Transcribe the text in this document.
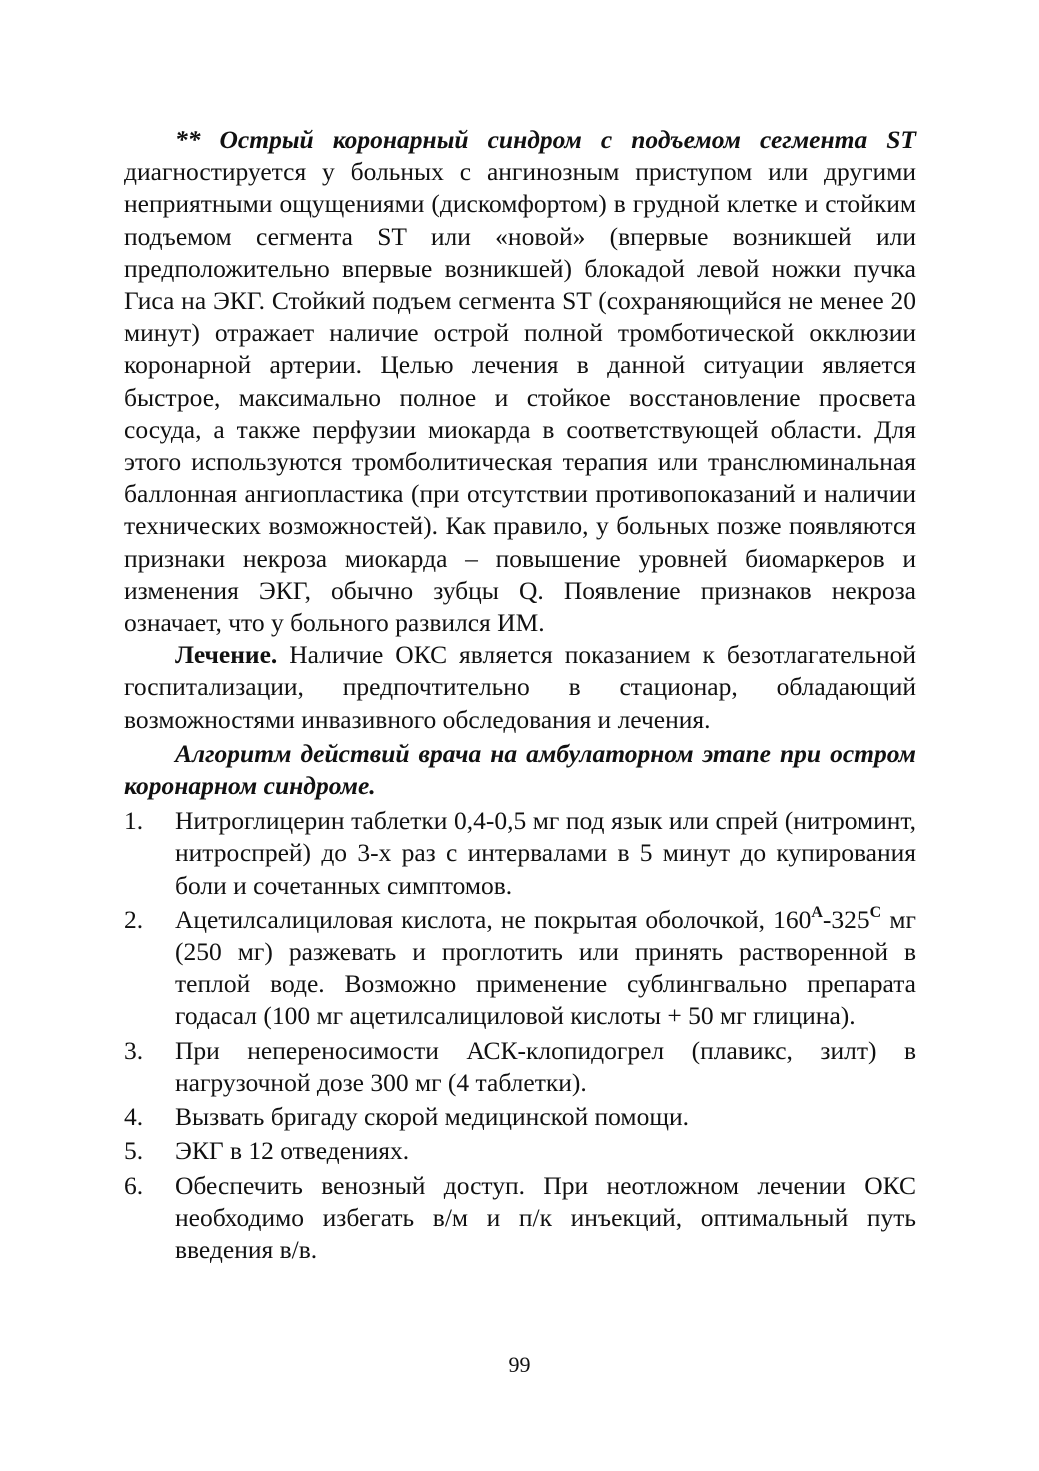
** Острый коронарный синдром с подъемом сегмента ST диагностируется у больных с ангинозным приступом или другими неприятными ощущениями (дискомфортом) в грудной клетке и стойким подъемом сегмента ST или «новой» (впервые возникшей или предположительно впервые возникшей) блокадой левой ножки пучка Гиса на ЭКГ. Стойкий подъем сегмента ST (сохраняющийся не менее 20 минут) отражает наличие острой полной тромботической окклюзии коронарной артерии. Целью лечения в данной ситуации является быстрое, максимально полное и стойкое восстановление просвета сосуда, а также перфузии миокарда в соответствующей области. Для этого используются тромболитическая терапия или транслюминальная баллонная ангиопластика (при отсутствии противопоказаний и наличии технических возможностей). Как правило, у больных позже появляются признаки некроза миокарда – повышение уровней биомаркеров и изменения ЭКГ, обычно зубцы Q. Появление признаков некроза означает, что у больного развился ИМ.

Лечение. Наличие ОКС является показанием к безотлагательной госпитализации, предпочтительно в стационар, обладающий возможностями инвазивного обследования и лечения.

Алгоритм действий врача на амбулаторном этапе при остром коронарном синдроме.

1. Нитроглицерин таблетки 0,4-0,5 мг под язык или спрей (нитроминт, нитроспрей) до 3-х раз с интервалами в 5 минут до купирования боли и сочетанных симптомов.
2. Ацетилсалициловая кислота, не покрытая оболочкой, $160^A-325^C$ мг (250 мг) разжевать и проглотить или принять растворенной в теплой воде. Возможно применение сублингвально препарата годасал (100 мг ацетилсалициловой кислоты + 50 мг глицина).
3. При непереносимости АСК-клопидогрел (плавикс, зилт) в нагрузочной дозе 300 мг (4 таблетки).
4. Вызвать бригаду скорой медицинской помощи.
5. ЭКГ в 12 отведениях.
6. Обеспечить венозный доступ. При неотложном лечении ОКС необходимо избегать в/м и п/к инъекций, оптимальный путь введения в/в.
99
